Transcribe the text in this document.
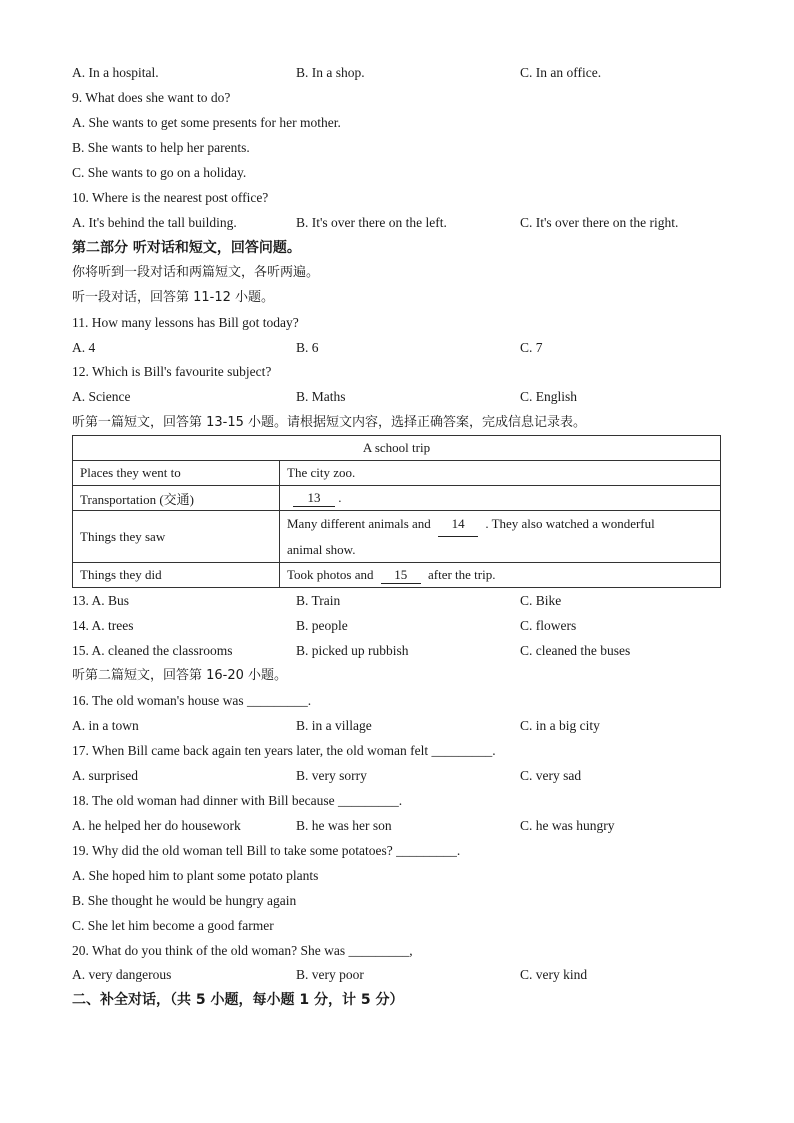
A. In a hospital.	B. In a shop.	C. In an office.
9. What does she want to do?
A. She wants to get some presents for her mother.
B. She wants to help her parents.
C. She wants to go on a holiday.
10. Where is the nearest post office?
A. It's behind the tall building.	B. It's over there on the left.	C. It's over there on the right.
第二部分 听对话和短文，回答问题。
你将听到一段对话和两篇短文，各听两遍。
听一段对话，回答第 11-12 小题。
11. How many lessons has Bill got today?
A. 4	B. 6	C. 7
12. Which is Bill's favourite subject?
A. Science	B. Maths	C. English
听第一篇短文，回答第 13-15 小题。请根据短文内容，选择正确答案，完成信息记录表。
A school trip	
Places they went to	The city zoo.
Transportation (交通)	13 .
Things they saw	Many different animals and 14 . They also watched a wonderful
animal show.
Things they did	Took photos and 15 after the trip.
13. A. Bus	B. Train	C. Bike
14. A. trees	B. people	C. flowers
15. A. cleaned the classrooms	B. picked up rubbish	C. cleaned the buses
听第二篇短文，回答第 16-20 小题。
16. The old woman's house was _________.
A. in a town	B. in a village	C. in a big city
17. When Bill came back again ten years later, the old woman felt _________.
A. surprised	B. very sorry	C. very sad
18. The old woman had dinner with Bill because _________.
A. he helped her do housework	B. he was her son	C. he was hungry
19. Why did the old woman tell Bill to take some potatoes? _________.
A. She hoped him to plant some potato plants
B. She thought he would be hungry again
C. She let him become a good farmer
20. What do you think of the old woman? She was _________,
A. very dangerous	B. very poor	C. very kind
二、补全对话，（共 5 小题，每小题 1 分，计 5 分）
